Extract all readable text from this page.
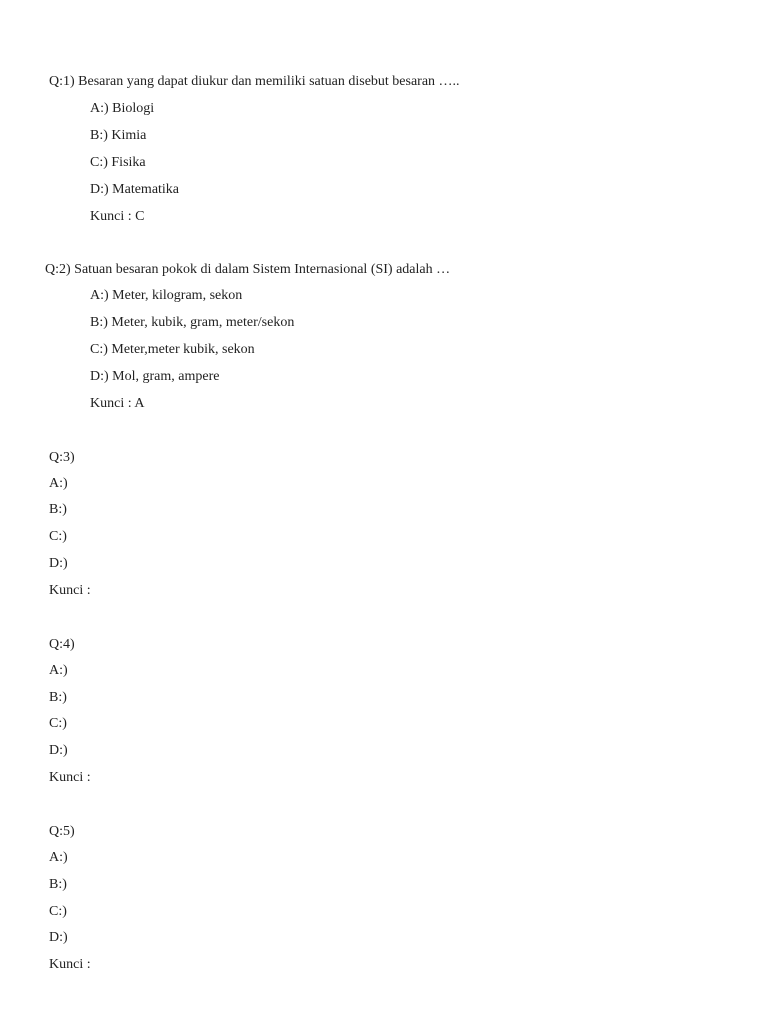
Q:1) Besaran yang dapat diukur dan memiliki satuan disebut besaran …..
A:) Biologi
B:) Kimia
C:) Fisika
D:) Matematika
Kunci : C
Q:2) Satuan besaran pokok di dalam Sistem Internasional (SI) adalah …
A:) Meter, kilogram, sekon
B:) Meter, kubik, gram, meter/sekon
C:) Meter,meter kubik, sekon
D:) Mol, gram, ampere
Kunci : A
Q:3)
A:)
B:)
C:)
D:)
Kunci :
Q:4)
A:)
B:)
C:)
D:)
Kunci :
Q:5)
A:)
B:)
C:)
D:)
Kunci :
